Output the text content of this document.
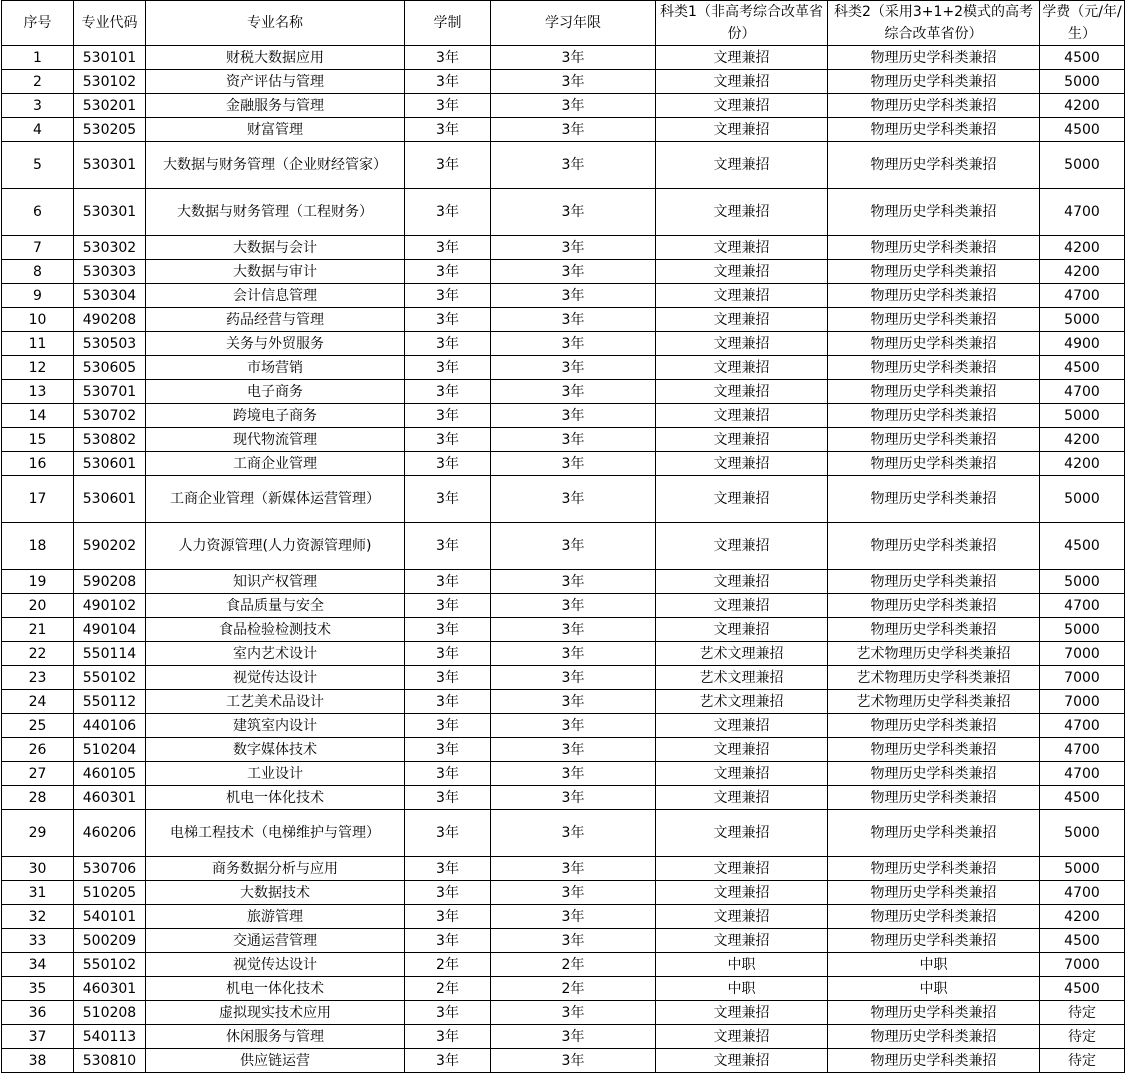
序号	专业代码	专业名称	学制	学习年限	科类1（非高考综合改革省份）	科类2（采用3+1+2模式的高考综合改革省份）	学费（元/年/生）
1	530101	财税大数据应用	3年	3年	文理兼招	物理历史学科类兼招	4500
2	530102	资产评估与管理	3年	3年	文理兼招	物理历史学科类兼招	5000
3	530201	金融服务与管理	3年	3年	文理兼招	物理历史学科类兼招	4200
4	530205	财富管理	3年	3年	文理兼招	物理历史学科类兼招	4500
5	530301	大数据与财务管理（企业财经管家）	3年	3年	文理兼招	物理历史学科类兼招	5000
6	530301	大数据与财务管理（工程财务）	3年	3年	文理兼招	物理历史学科类兼招	4700
7	530302	大数据与会计	3年	3年	文理兼招	物理历史学科类兼招	4200
8	530303	大数据与审计	3年	3年	文理兼招	物理历史学科类兼招	4200
9	530304	会计信息管理	3年	3年	文理兼招	物理历史学科类兼招	4700
10	490208	药品经营与管理	3年	3年	文理兼招	物理历史学科类兼招	5000
11	530503	关务与外贸服务	3年	3年	文理兼招	物理历史学科类兼招	4900
12	530605	市场营销	3年	3年	文理兼招	物理历史学科类兼招	4500
13	530701	电子商务	3年	3年	文理兼招	物理历史学科类兼招	4700
14	530702	跨境电子商务	3年	3年	文理兼招	物理历史学科类兼招	5000
15	530802	现代物流管理	3年	3年	文理兼招	物理历史学科类兼招	4200
16	530601	工商企业管理	3年	3年	文理兼招	物理历史学科类兼招	4200
17	530601	工商企业管理（新媒体运营管理）	3年	3年	文理兼招	物理历史学科类兼招	5000
18	590202	人力资源管理(人力资源管理师)	3年	3年	文理兼招	物理历史学科类兼招	4500
19	590208	知识产权管理	3年	3年	文理兼招	物理历史学科类兼招	5000
20	490102	食品质量与安全	3年	3年	文理兼招	物理历史学科类兼招	4700
21	490104	食品检验检测技术	3年	3年	文理兼招	物理历史学科类兼招	5000
22	550114	室内艺术设计	3年	3年	艺术文理兼招	艺术物理历史学科类兼招	7000
23	550102	视觉传达设计	3年	3年	艺术文理兼招	艺术物理历史学科类兼招	7000
24	550112	工艺美术品设计	3年	3年	艺术文理兼招	艺术物理历史学科类兼招	7000
25	440106	建筑室内设计	3年	3年	文理兼招	物理历史学科类兼招	4700
26	510204	数字媒体技术	3年	3年	文理兼招	物理历史学科类兼招	4700
27	460105	工业设计	3年	3年	文理兼招	物理历史学科类兼招	4700
28	460301	机电一体化技术	3年	3年	文理兼招	物理历史学科类兼招	4500
29	460206	电梯工程技术（电梯维护与管理）	3年	3年	文理兼招	物理历史学科类兼招	5000
30	530706	商务数据分析与应用	3年	3年	文理兼招	物理历史学科类兼招	5000
31	510205	大数据技术	3年	3年	文理兼招	物理历史学科类兼招	4700
32	540101	旅游管理	3年	3年	文理兼招	物理历史学科类兼招	4200
33	500209	交通运营管理	3年	3年	文理兼招	物理历史学科类兼招	4500
34	550102	视觉传达设计	2年	2年	中职	中职	7000
35	460301	机电一体化技术	2年	2年	中职	中职	4500
36	510208	虚拟现实技术应用	3年	3年	文理兼招	物理历史学科类兼招	待定
37	540113	休闲服务与管理	3年	3年	文理兼招	物理历史学科类兼招	待定
38	530810	供应链运营	3年	3年	文理兼招	物理历史学科类兼招	待定
